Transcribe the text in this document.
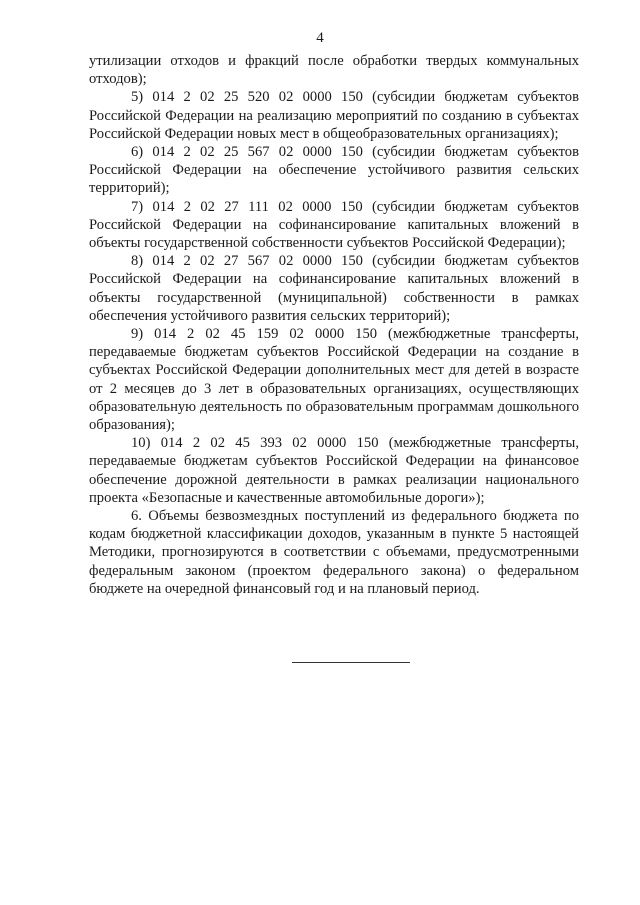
4

утилизации отходов и фракций после обработки твердых коммунальных отходов);

5) 014 2 02 25 520 02 0000 150 (субсидии бюджетам субъектов Российской Федерации на реализацию мероприятий по созданию в субъектах Российской Федерации новых мест в общеобразовательных организациях);

6) 014 2 02 25 567 02 0000 150 (субсидии бюджетам субъектов Российской Федерации на обеспечение устойчивого развития сельских территорий);

7) 014 2 02 27 111 02 0000 150 (субсидии бюджетам субъектов Российской Федерации на софинансирование капитальных вложений в объекты государственной собственности субъектов Российской Федерации);

8) 014 2 02 27 567 02 0000 150 (субсидии бюджетам субъектов Российской Федерации на софинансирование капитальных вложений в объекты государственной (муниципальной) собственности в рамках обеспечения устойчивого развития сельских территорий);

9) 014 2 02 45 159 02 0000 150 (межбюджетные трансферты, передаваемые бюджетам субъектов Российской Федерации на создание в субъектах Российской Федерации дополнительных мест для детей в возрасте от 2 месяцев до 3 лет в образовательных организациях, осуществляющих образовательную деятельность по образовательным программам дошкольного образования);

10) 014 2 02 45 393 02 0000 150 (межбюджетные трансферты, передаваемые бюджетам субъектов Российской Федерации на финансовое обеспечение дорожной деятельности в рамках реализации национального проекта «Безопасные и качественные автомобильные дороги»);

6. Объемы безвозмездных поступлений из федерального бюджета по кодам бюджетной классификации доходов, указанным в пункте 5 настоящей Методики, прогнозируются в соответствии с объемами, предусмотренными федеральным законом (проектом федерального закона) о федеральном бюджете на очередной финансовый год и на плановый период.
